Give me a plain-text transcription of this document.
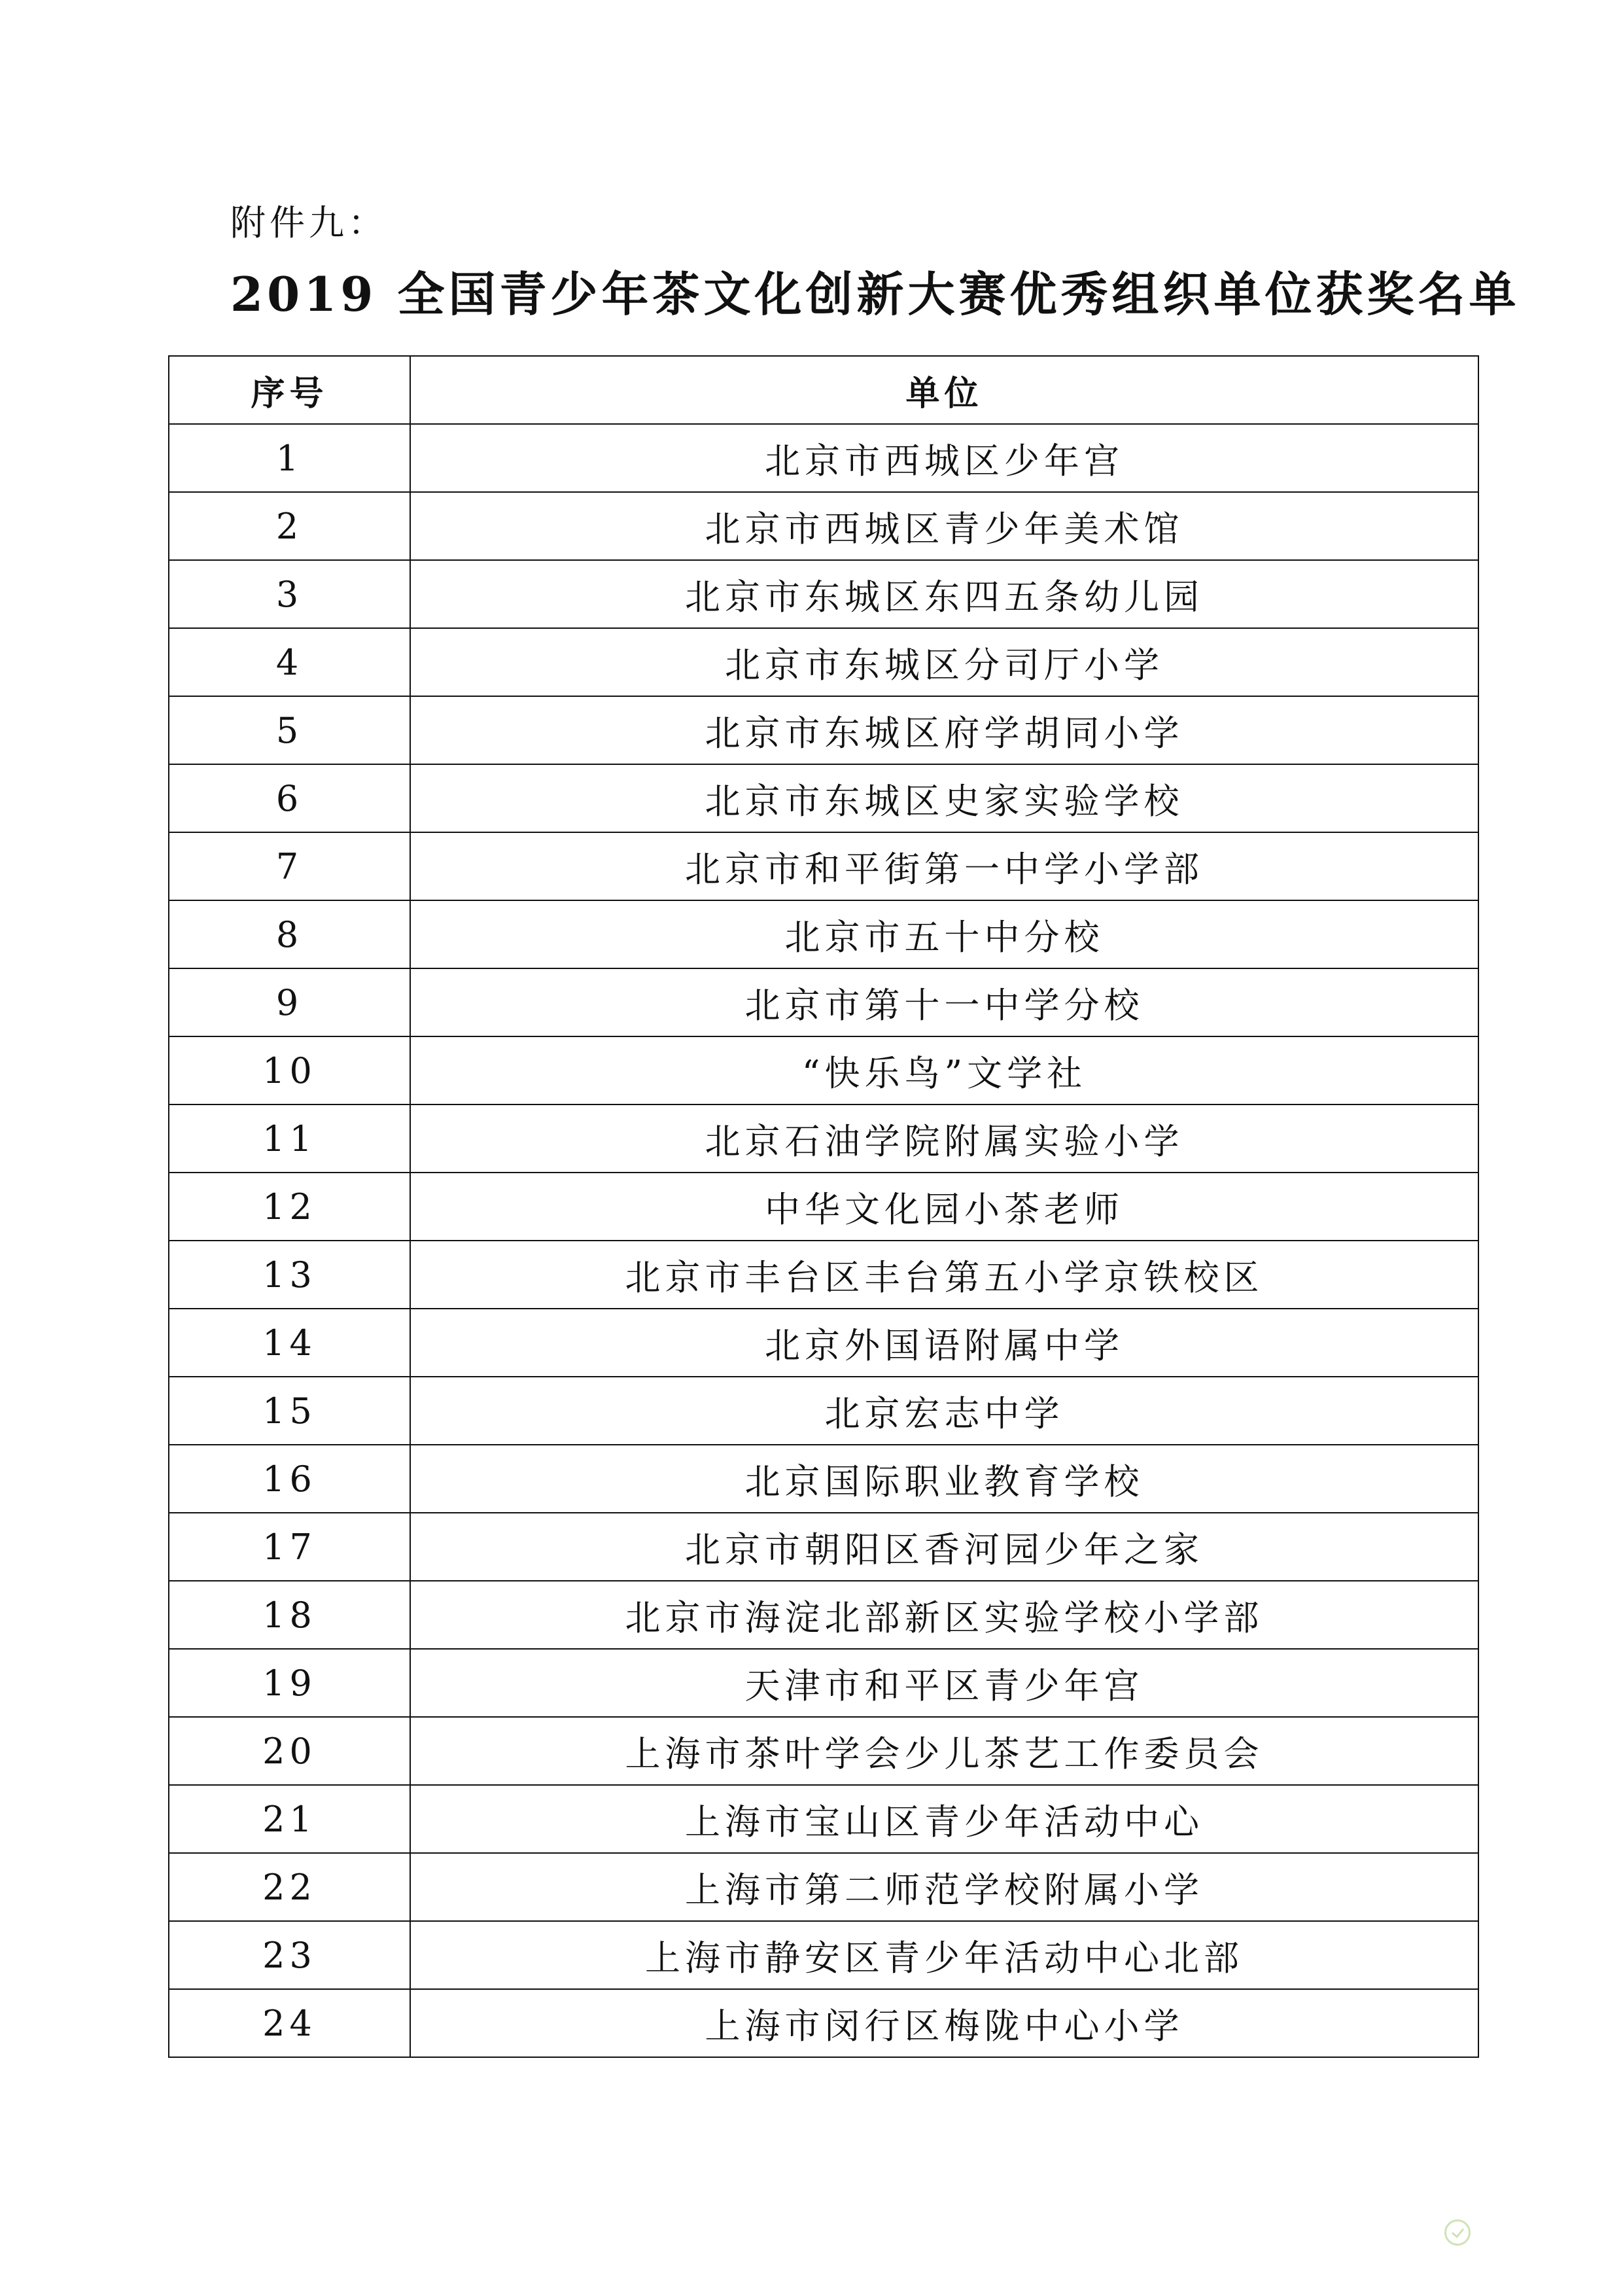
附件九：
2019 全国青少年茶文化创新大赛优秀组织单位获奖名单
序号	单位
1	北京市西城区少年宫
2	北京市西城区青少年美术馆
3	北京市东城区东四五条幼儿园
4	北京市东城区分司厅小学
5	北京市东城区府学胡同小学
6	北京市东城区史家实验学校
7	北京市和平街第一中学小学部
8	北京市五十中分校
9	北京市第十一中学分校
10	“快乐鸟”文学社
11	北京石油学院附属实验小学
12	中华文化园小茶老师
13	北京市丰台区丰台第五小学京铁校区
14	北京外国语附属中学
15	北京宏志中学
16	北京国际职业教育学校
17	北京市朝阳区香河园少年之家
18	北京市海淀北部新区实验学校小学部
19	天津市和平区青少年宫
20	上海市茶叶学会少儿茶艺工作委员会
21	上海市宝山区青少年活动中心
22	上海市第二师范学校附属小学
23	上海市静安区青少年活动中心北部
24	上海市闵行区梅陇中心小学
